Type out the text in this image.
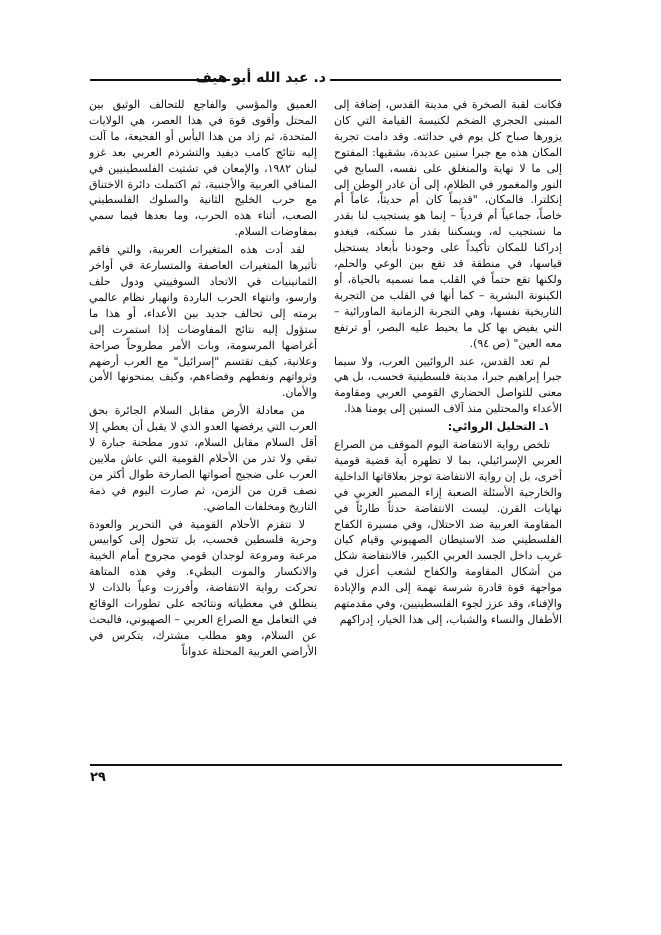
د. عبد الله أبو هيف

فكانت لقبة الصخرة في مدينة القدس، إضافة إلى المبنى الحجري الضخم لكنيسة القيامة التي كان يزورها صباح كل يوم في حداثته. وقد دامت تجربة المكان هذه مع جبرا سنين عديدة، بشقيها: المفتوح إلى ما لا نهاية والمنغلق على نفسه، السابح في النور والمغمور في الظلام، إلى أن غادر الوطن إلى إنكلترا. فالمكان، "قديماً كان أم حديثاً، عاماً أم خاصاً، جماعياً أم فردياً – إنما هو يستجيب لنا بقدر ما نستجيب له، ويسكننا بقدر ما نسكنه، فيغدو إدراكنا للمكان تأكيداً على وجودنا بأبعاد يستحيل قياسها، في منطقة قد تقع بين الوعي والحلم، ولكنها تقع حتماً في القلب مما نسميه بالحياة، أو الكينونة البشرية – كما أنها في القلب من التجربة التاريخية نفسها، وهي التجربة الزمانية الماورائية – التي يفيض بها كل ما يحيط عليه البصر، أو ترتفع معه العين" (ص ٩٤).

لم تعد القدس، عند الروائيين العرب، ولا سيما جبرا إبراهيم جبرا، مدينة فلسطينية فحسب، بل هي معنى للتواصل الحضاري القومي العربي ومقاومة الأعداء والمحتلين منذ آلاف السنين إلى يومنا هذا.

١ـ التحليل الروائي:

تلخص رواية الانتفاضة اليوم الموقف من الصراع العربي الإسرائيلي، بما لا تظهره أية قضية قومية أخرى، بل إن رواية الانتفاضة توجز بعلاقاتها الداخلية والخارجية الأسئلة الصعبة إزاء المصير العربي في نهايات القرن. ليست الانتفاضة حدثاً طارئاً في المقاومة العربية ضد الاحتلال، وفي مسيرة الكفاح الفلسطيني ضد الاستيطان الصهيوني وقيام كيان غريب داخل الجسد العربي الكبير، فالانتفاضة شكل من أشكال المقاومة والكفاح لشعب أعزل في مواجهة قوة قادرة شرسة نهمة إلى الدم والإبادة والإفناء، وقد عزز لجوء الفلسطينيين، وفي مقدمتهم الأطفال والنساء والشباب، إلى هذا الخيار، إدراكهم

العميق والمؤسي والفاجع للتحالف الوثيق بين المحتل وأقوى قوة في هذا العصر، هي الولايات المتحدة، ثم زاد من هذا اليأس أو الفجيعة، ما آلت إليه نتائج كامب ديفيد والتشرذم العربي بعد غزو لبنان ١٩٨٢، والإمعان في تشتيت الفلسطينيين في المنافي العربية والأجنبية، ثم اكتملت دائرة الاختناق مع حرب الخليج الثانية والسلوك الفلسطيني الصعب، أثناء هذه الحرب، وما بعدها فيما سمي بمفاوضات السلام.

لقد أدت هذه المتغيرات العربية، والتي فاقم تأثيرها المتغيرات العاصفة والمتسارعة في أواخر الثمانينيات في الاتحاد السوفييتي ودول حلف وارسو، وانتهاء الحرب الباردة وانهيار نظام عالمي برمته إلى تحالف جديد بين الأعداء، أو هذا ما ستؤول إليه نتائج المفاوضات إذا استمرت إلى أغراضها المرسومة، وبات الأمر مطروحاً صراحة وعلانية، كيف تقتسم "إسرائيل" مع العرب أرضهم وثرواتهم ونفطهم وفضاءهم، وكيف يمنحونها الأمن والأمان.

من معادلة الأرض مقابل السلام الجائرة بحق العرب التي يرفضها العدو الذي لا يقبل أن يعطي إلا أقل السلام مقابل السلام، تدور مطحنة جبارة لا تبقي ولا تذر من الأحلام القومية التي عاش ملايين العرب على ضجيج أصواتها الصارخة طوال أكثر من نصف قرن من الزمن، ثم صارت اليوم في ذمة التاريخ ومخلفات الماضي.

لا تتقزم الأحلام القومية في التحرير والعودة وحرية فلسطين فحسب، بل تتحول إلى كوابيس مرعبة ومروعة لوجدان قومي مجروح أمام الخيبة والانكسار والموت البطيء. وفي هذه المتاهة تحركت رواية الانتفاضة، وأفرزت وعياً بالذات لا ينطلق في معطياته ونتائجه على تطورات الوقائع في التعامل مع الصراع العربي – الصهيوني، فالبحث عن السلام، وهو مطلب مشترك، يتكرس في الأراضي العربية المحتلة عدواناً

٢٩
